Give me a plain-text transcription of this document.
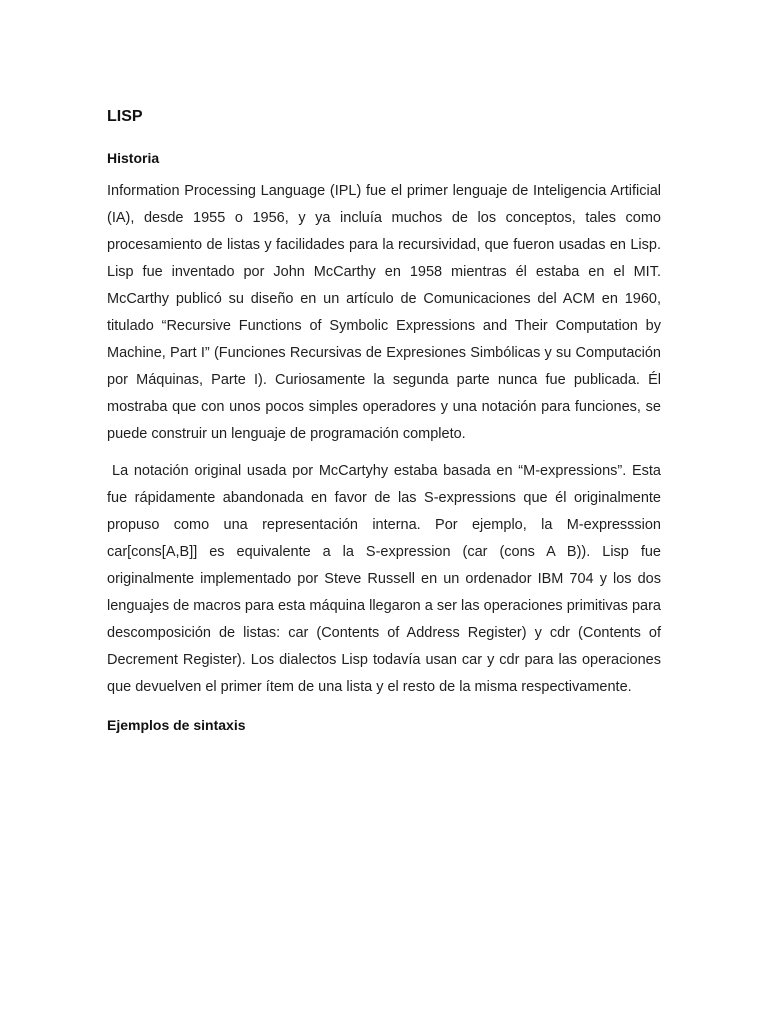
LISP
Historia

Information Processing Language (IPL) fue el primer lenguaje de Inteligencia Artificial (IA), desde 1955 o 1956, y ya incluía muchos de los conceptos, tales como procesamiento de listas y facilidades para la recursividad, que fueron usadas en Lisp. Lisp fue inventado por John McCarthy en 1958 mientras él estaba en el MIT. McCarthy publicó su diseño en un artículo de Comunicaciones del ACM en 1960, titulado “Recursive Functions of Symbolic Expressions and Their Computation by Machine, Part I” (Funciones Recursivas de Expresiones Simbólicas y su Computación por Máquinas, Parte I). Curiosamente la segunda parte nunca fue publicada. Él mostraba que con unos pocos simples operadores y una notación para funciones, se puede construir un lenguaje de programación completo.

La notación original usada por McCartyhy estaba basada en “M-expressions”. Esta fue rápidamente abandonada en favor de las S-expressions que él originalmente propuso como una representación interna. Por ejemplo, la M-expresssion car[cons[A,B]] es equivalente a la S-expression (car (cons A B)). Lisp fue originalmente implementado por Steve Russell en un ordenador IBM 704 y los dos lenguajes de macros para esta máquina llegaron a ser las operaciones primitivas para descomposición de listas: car (Contents of Address Register) y cdr (Contents of Decrement Register). Los dialectos Lisp todavía usan car y cdr para las operaciones que devuelven el primer ítem de una lista y el resto de la misma respectivamente.

Ejemplos de sintaxis
